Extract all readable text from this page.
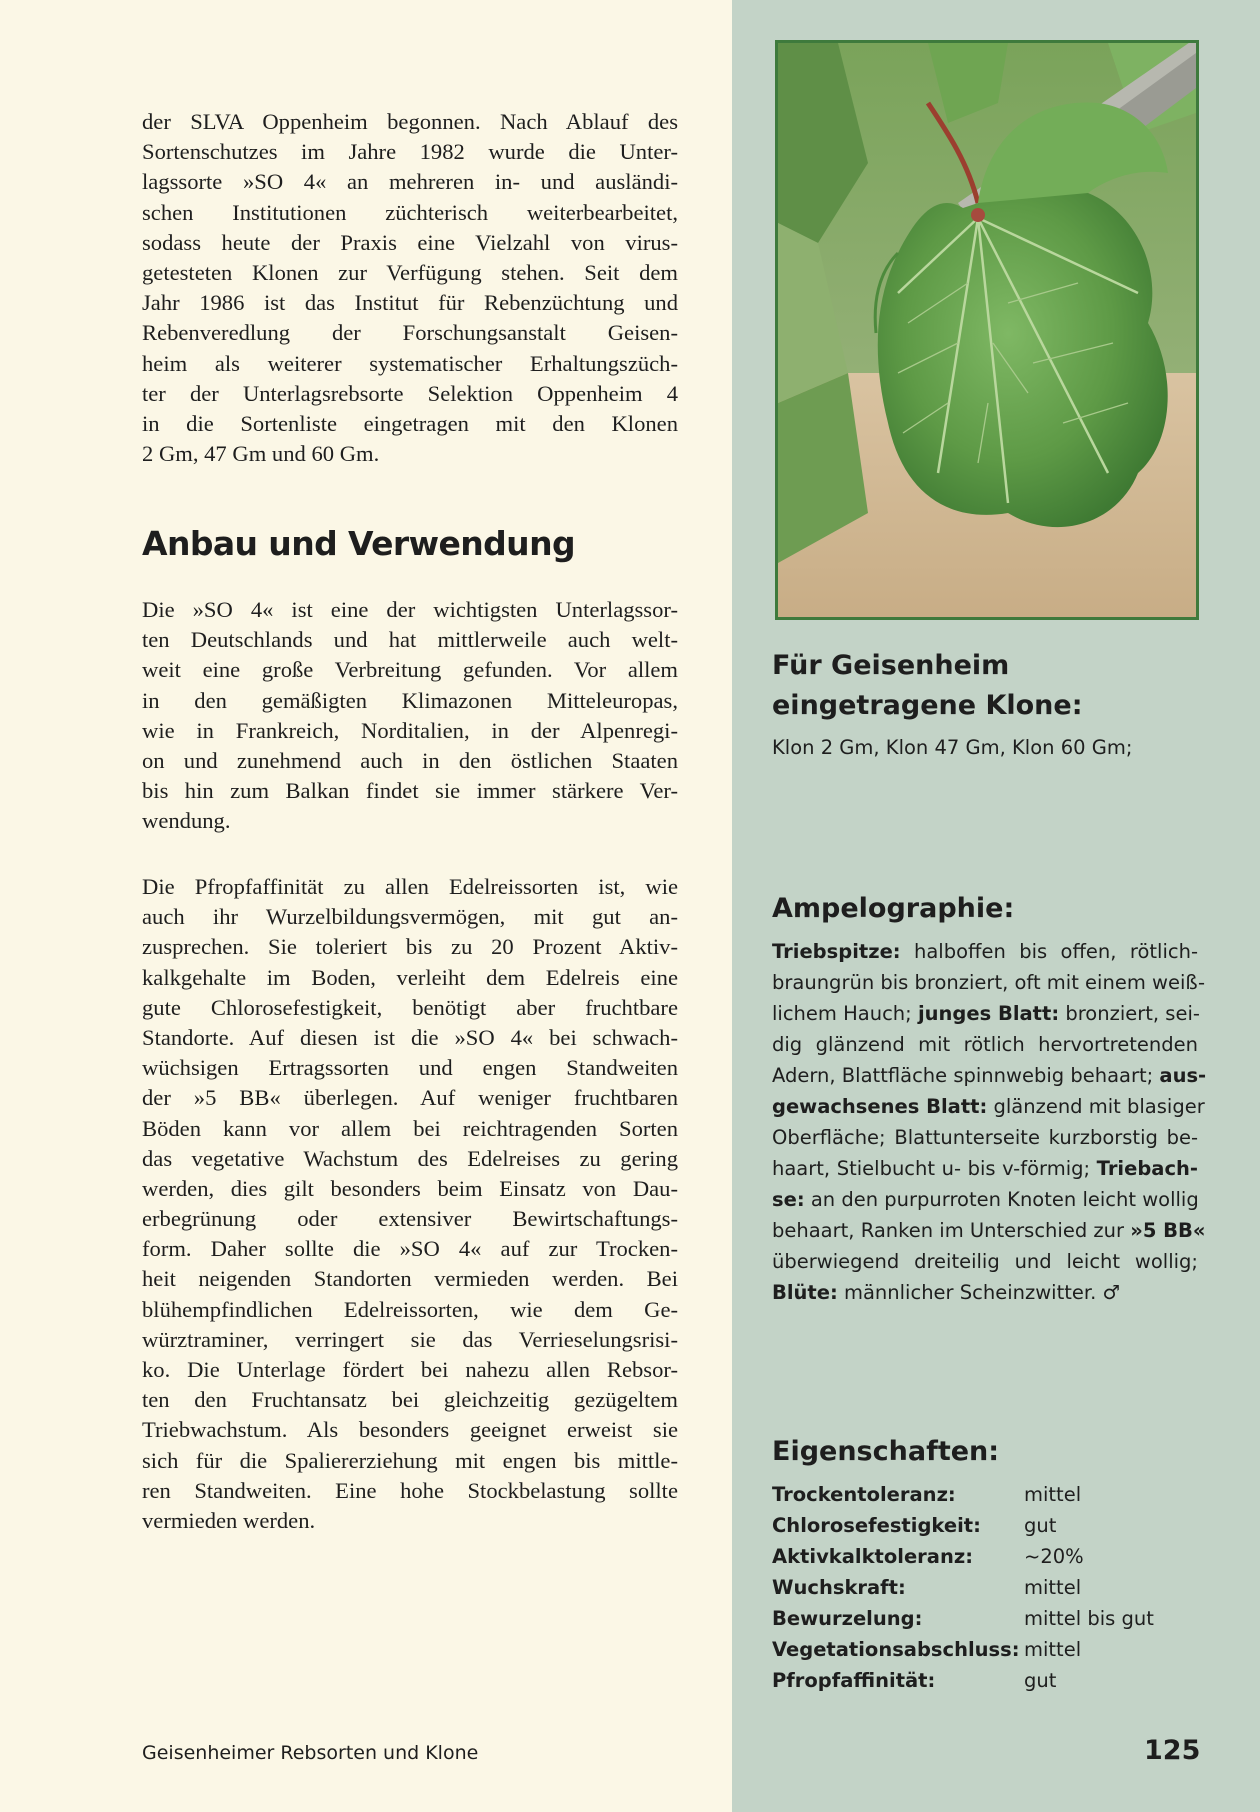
der SLVA Oppenheim begonnen. Nach Ablauf des
Sortenschutzes im Jahre 1982 wurde die Unter-
lagssorte »SO 4« an mehreren in- und ausländi-
schen Institutionen züchterisch weiterbearbeitet,
sodass heute der Praxis eine Vielzahl von virus-
getesteten Klonen zur Verfügung stehen. Seit dem
Jahr 1986 ist das Institut für Rebenzüchtung und
Rebenveredlung der Forschungsanstalt Geisen-
heim als weiterer systematischer Erhaltungszüch-
ter der Unterlagsrebsorte Selektion Oppenheim 4
in die Sortenliste eingetragen mit den Klonen
2 Gm, 47 Gm und 60 Gm.
Anbau und Verwendung
Die »SO 4« ist eine der wichtigsten Unterlagssor-
ten Deutschlands und hat mittlerweile auch welt-
weit eine große Verbreitung gefunden. Vor allem
in den gemäßigten Klimazonen Mitteleuropas,
wie in Frankreich, Norditalien, in der Alpenregi-
on und zunehmend auch in den östlichen Staaten
bis hin zum Balkan findet sie immer stärkere Ver-
wendung.
Die Pfropfaffinität zu allen Edelreissorten ist, wie
auch ihr Wurzelbildungsvermögen, mit gut an-
zusprechen. Sie toleriert bis zu 20 Prozent Aktiv-
kalkgehalte im Boden, verleiht dem Edelreis eine
gute Chlorosefestigkeit, benötigt aber fruchtbare
Standorte. Auf diesen ist die »SO 4« bei schwach-
wüchsigen Ertragssorten und engen Standweiten
der »5 BB« überlegen. Auf weniger fruchtbaren
Böden kann vor allem bei reichtragenden Sorten
das vegetative Wachstum des Edelreises zu gering
werden, dies gilt besonders beim Einsatz von Dau-
erbegrünung oder extensiver Bewirtschaftungs-
form. Daher sollte die »SO 4« auf zur Trocken-
heit neigenden Standorten vermieden werden. Bei
blühempfindlichen Edelreissorten, wie dem Ge-
würztraminer, verringert sie das Verrieselungsrisi-
ko. Die Unterlage fördert bei nahezu allen Rebsor-
ten den Fruchtansatz bei gleichzeitig gezügeltem
Triebwachstum. Als besonders geeignet erweist sie
sich für die Spaliererziehung mit engen bis mittle-
ren Standweiten. Eine hohe Stockbelastung sollte
vermieden werden.
Geisenheimer Rebsorten und Klone	125
Für Geisenheim
eingetragene Klone:
Klon 2 Gm, Klon 47 Gm, Klon 60 Gm;
Ampelographie:
Triebspitze: halboffen bis offen, rötlich-
braungrün bis bronziert, oft mit einem weiß-
lichem Hauch; junges Blatt: bronziert, sei-
dig glänzend mit rötlich hervortretenden
Adern, Blattfläche spinnwebig behaart; aus-
gewachsenes Blatt: glänzend mit blasiger
Oberfläche; Blattunterseite kurzborstig be-
haart, Stielbucht u- bis v-förmig; Triebach-
se: an den purpurroten Knoten leicht wollig
behaart, Ranken im Unterschied zur »5 BB«
überwiegend dreiteilig und leicht wollig;
Blüte: männlicher Scheinzwitter. ♂
Eigenschaften:
Trockentoleranz:	mittel
Chlorosefestigkeit:	gut
Aktivkalktoleranz:	~20%
Wuchskraft:	mittel
Bewurzelung:	mittel bis gut
Vegetationsabschluss: mittel
Pfropfaffinität:	gut
